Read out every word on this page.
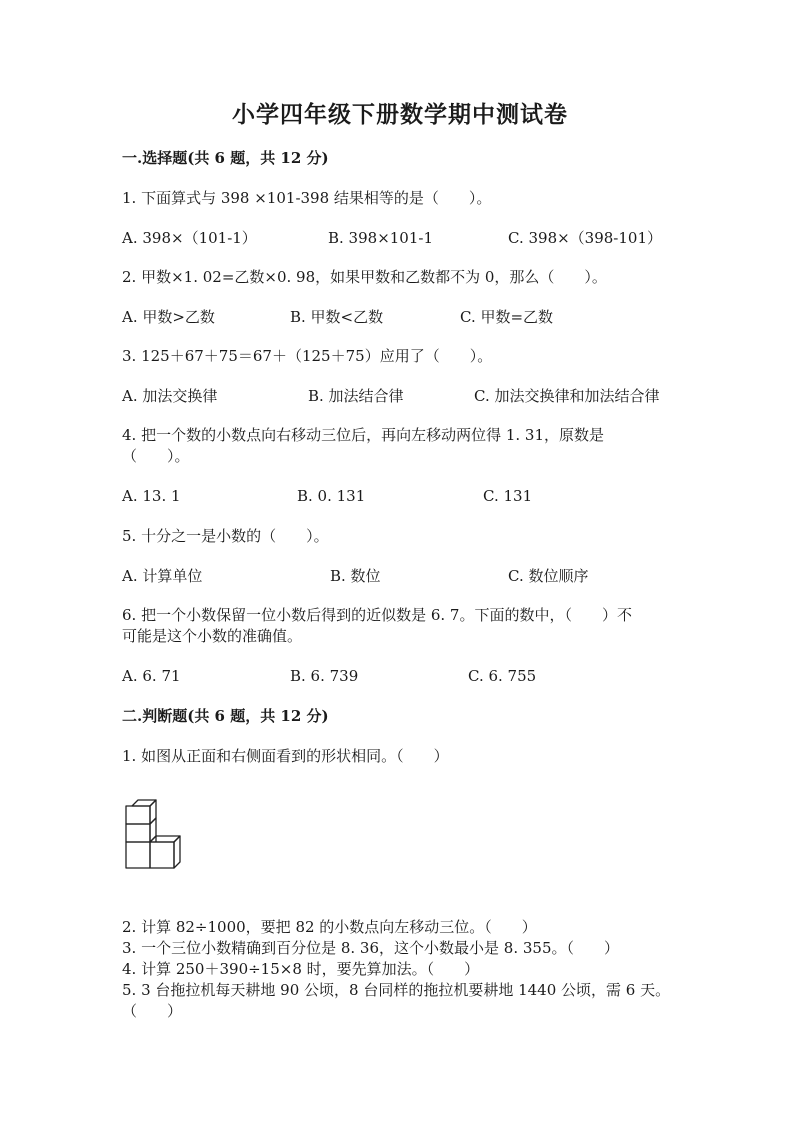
小学四年级下册数学期中测试卷
一.选择题(共 6 题，共 12 分)
1. 下面算式与 398 ×101-398 结果相等的是（　　）。
A. 398×（101-1）	B. 398×101-1	C. 398×（398-101）
2. 甲数×1. 02=乙数×0. 98，如果甲数和乙数都不为 0，那么（　　）。
A. 甲数>乙数	B. 甲数<乙数	C. 甲数=乙数
3. 125＋67＋75＝67＋（125＋75）应用了（　　）。
A. 加法交换律	B. 加法结合律	C. 加法交换律和加法结合律
4. 把一个数的小数点向右移动三位后，再向左移动两位得 1. 31，原数是
（　　）。
A. 13. 1	B. 0. 131	C. 131
5. 十分之一是小数的（　　）。
A. 计算单位	B. 数位	C. 数位顺序
6. 把一个小数保留一位小数后得到的近似数是 6. 7。下面的数中，（　　）不
可能是这个小数的准确值。
A. 6. 71	B. 6. 739	C. 6. 755
二.判断题(共 6 题，共 12 分)
1. 如图从正面和右侧面看到的形状相同。（　　）
2. 计算 82÷1000，要把 82 的小数点向左移动三位。（　　）
3. 一个三位小数精确到百分位是 8. 36，这个小数最小是 8. 355。（　　）
4. 计算 250＋390÷15×8 时，要先算加法。（　　）
5. 3 台拖拉机每天耕地 90 公顷，8 台同样的拖拉机要耕地 1440 公顷，需 6 天。
（　　）
